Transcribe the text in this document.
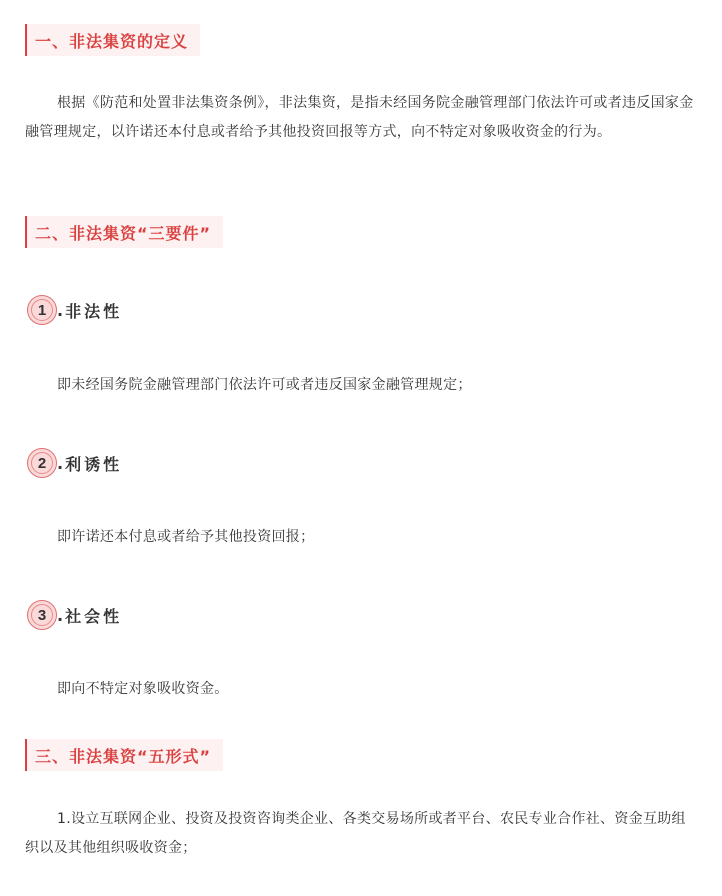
一、非法集资的定义

根据《防范和处置非法集资条例》，非法集资，是指未经国务院金融管理部门依法许可或者违反国家金融管理规定，以许诺还本付息或者给予其他投资回报等方式，向不特定对象吸收资金的行为。

二、非法集资“三要件”
1 . 非法性

即未经国务院金融管理部门依法许可或者违反国家金融管理规定；

2 . 利诱性

即许诺还本付息或者给予其他投资回报；

3 . 社会性

即向不特定对象吸收资金。

三、非法集资“五形式”

1.设立互联网企业、投资及投资咨询类企业、各类交易场所或者平台、农民专业合作社、资金互助组织以及其他组织吸收资金；
